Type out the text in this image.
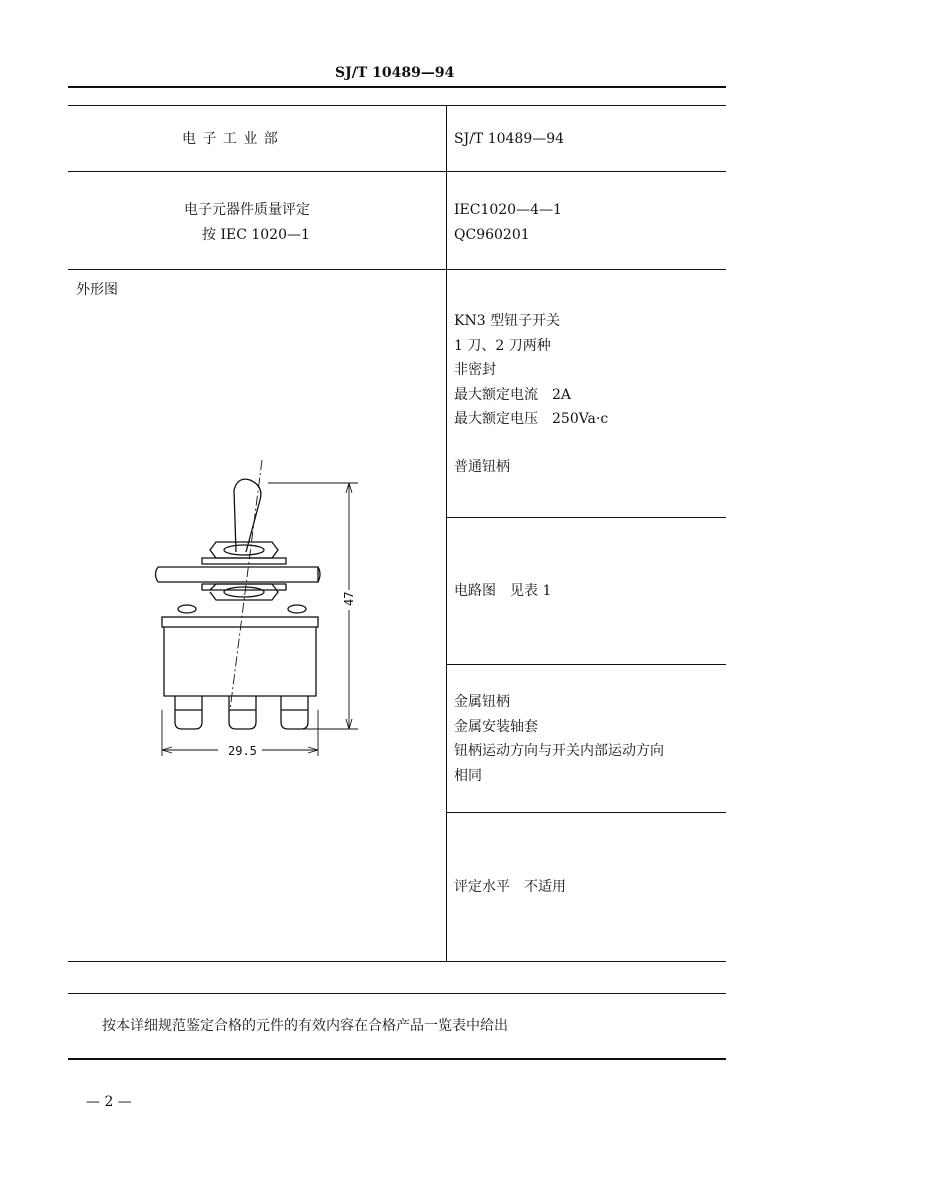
SJ/T 10489—94
电 子 工 业 部	SJ/T 10489—94
电子元器件质量评定
按 IEC 1020—1
IEC1020—4—1
QC960201
外形图
KN3 型钮子开关
1 刀、2 刀两种
非密封
最大额定电流　2A
最大额定电压　250Va·c
普通钮柄
电路图　见表 1
金属钮柄
金属安装轴套
钮柄运动方向与开关内部运动方向
相同
评定水平　不适用
47
29.5
按本详细规范鉴定合格的元件的有效内容在合格产品一览表中给出
— 2 —
